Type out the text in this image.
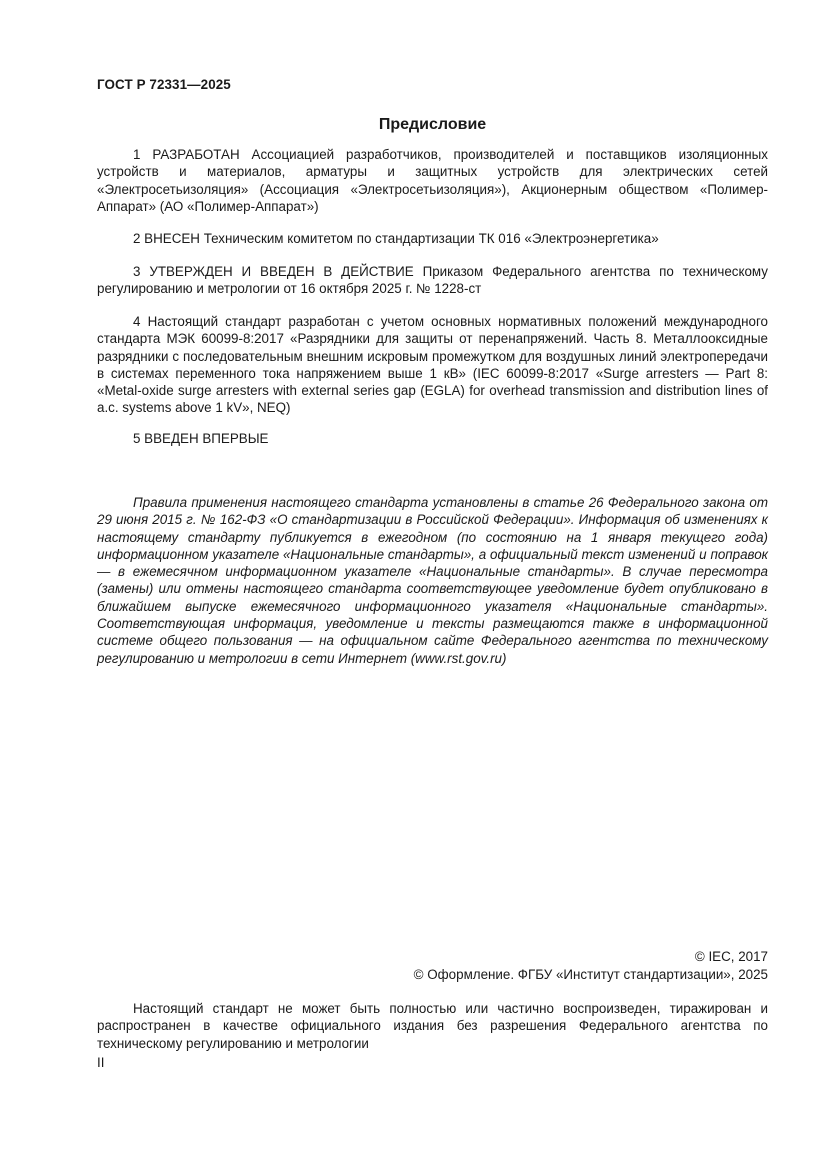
ГОСТ Р 72331—2025
Предисловие

1 РАЗРАБОТАН Ассоциацией разработчиков, производителей и поставщиков изоляционных устройств и материалов, арматуры и защитных устройств для электрических сетей «Электросетьизоляция» (Ассоциация «Электросетьизоляция»), Акционерным обществом «Полимер-Аппарат» (АО «Полимер-Аппарат»)

2 ВНЕСЕН Техническим комитетом по стандартизации ТК 016 «Электроэнергетика»

3 УТВЕРЖДЕН И ВВЕДЕН В ДЕЙСТВИЕ Приказом Федерального агентства по техническому регулированию и метрологии от 16 октября 2025 г. № 1228-ст

4 Настоящий стандарт разработан с учетом основных нормативных положений международного стандарта МЭК 60099-8:2017 «Разрядники для защиты от перенапряжений. Часть 8. Металлооксидные разрядники с последовательным внешним искровым промежутком для воздушных линий электропередачи в системах переменного тока напряжением выше 1 кВ» (IEC 60099-8:2017 «Surge arresters — Part 8: «Metal-oxide surge arresters with external series gap (EGLA) for overhead transmission and distribution lines of a.c. systems above 1 kV», NEQ)

5 ВВЕДЕН ВПЕРВЫЕ

Правила применения настоящего стандарта установлены в статье 26 Федерального закона от 29 июня 2015 г. № 162-ФЗ «О стандартизации в Российской Федерации». Информация об изменениях к настоящему стандарту публикуется в ежегодном (по состоянию на 1 января текущего года) информационном указателе «Национальные стандарты», а официальный текст изменений и поправок — в ежемесячном информационном указателе «Национальные стандарты». В случае пересмотра (замены) или отмены настоящего стандарта соответствующее уведомление будет опубликовано в ближайшем выпуске ежемесячного информационного указателя «Национальные стандарты». Соответствующая информация, уведомление и тексты размещаются также в информационной системе общего пользования — на официальном сайте Федерального агентства по техническому регулированию и метрологии в сети Интернет (www.rst.gov.ru)

© IEC, 2017
© Оформление. ФГБУ «Институт стандартизации», 2025

Настоящий стандарт не может быть полностью или частично воспроизведен, тиражирован и распространен в качестве официального издания без разрешения Федерального агентства по техническому регулированию и метрологии

II
